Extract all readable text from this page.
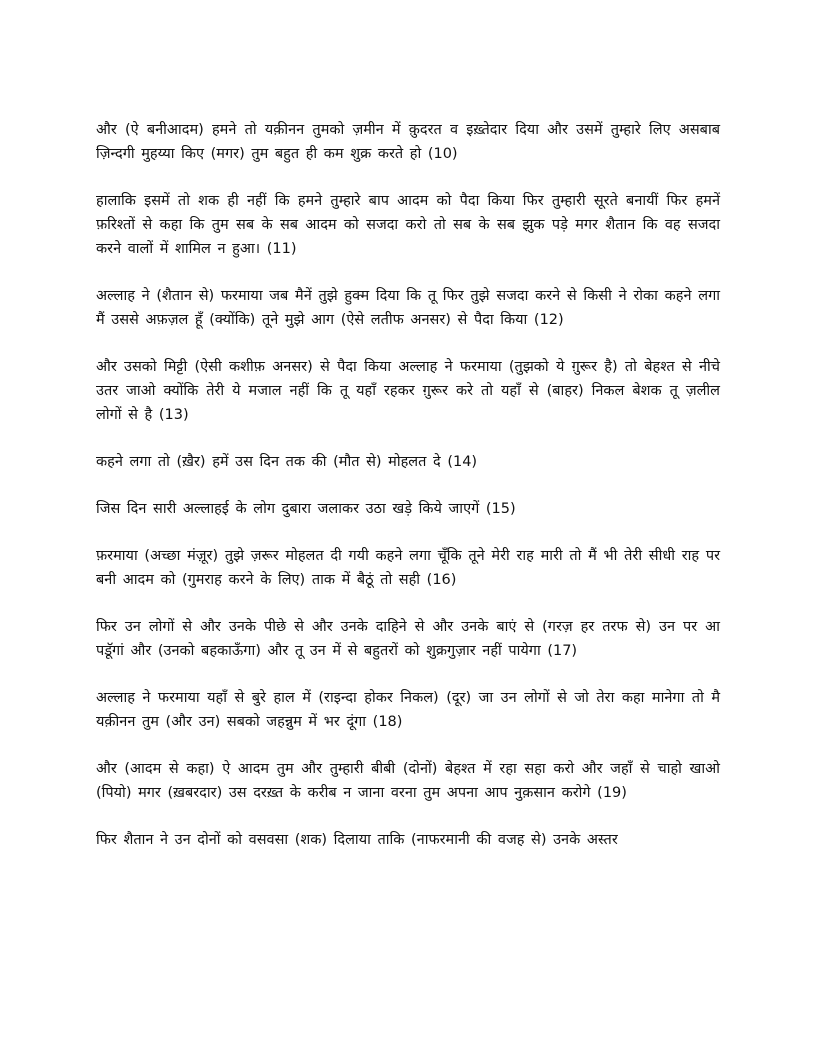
और (ऐ बनीआदम) हमने तो यक़ीनन तुमको ज़मीन में क़ुदरत व इख़्तेदार दिया और उसमें तुम्हारे लिए असबाब ज़िन्दगी मुहय्या किए (मगर) तुम बहुत ही कम शुक्र करते हो (10)

हालाकि इसमें तो शक ही नहीं कि हमने तुम्हारे बाप आदम को पैदा किया फिर तुम्हारी सूरते बनायीं फिर हमनें फ़रिश्तों से कहा कि तुम सब के सब आदम को सजदा करो तो सब के सब झुक पड़े मगर शैतान कि वह सजदा करने वालों में शामिल न हुआ। (11)

अल्लाह ने (शैतान से) फरमाया जब मैनें तुझे हुक्म दिया कि तू फिर तुझे सजदा करने से किसी ने रोका कहने लगा मैं उससे अफ़ज़ल हूँ (क्योंकि) तूने मुझे आग (ऐसे लतीफ अनसर) से पैदा किया (12)

और उसको मिट्टी (ऐसी कशीफ़ अनसर) से पैदा किया अल्लाह ने फरमाया (तुझको ये ग़ुरूर है) तो बेहश्त से नीचे उतर जाओ क्योंकि तेरी ये मजाल नहीं कि तू यहाँ रहकर ग़ुरूर करे तो यहाँ से (बाहर) निकल बेशक तू ज़लील लोगों से है (13)

कहने लगा तो (ख़ैर) हमें उस दिन तक की (मौत से) मोहलत दे (14)

जिस दिन सारी अल्लाहई के लोग दुबारा जलाकर उठा खड़े किये जाएगें (15)

फ़रमाया (अच्छा मंज़ूर) तुझे ज़रूर मोहलत दी गयी कहने लगा चूँकि तूने मेरी राह मारी तो मैं भी तेरी सीधी राह पर बनी आदम को (गुमराह करने के लिए) ताक में बैठूं तो सही (16)

फिर उन लोगों से और उनके पीछे से और उनके दाहिने से और उनके बाएं से (गरज़ हर तरफ से) उन पर आ पडॅूगां और (उनको बहकाऊँगा) और तू उन में से बहुतरों को शुक्रगुज़ार नहीं पायेगा (17)

अल्लाह ने फरमाया यहाँ से बुरे हाल में (राइन्दा होकर निकल) (दूर) जा उन लोगों से जो तेरा कहा मानेगा तो मै यक़ीनन तुम (और उन) सबको जहन्नुम में भर दूंगा (18)

और (आदम से कहा) ऐ आदम तुम और तुम्हारी बीबी (दोनों) बेहश्त में रहा सहा करो और जहाँ से चाहो खाओ (पियो) मगर (ख़बरदार) उस दरख़्त के करीब न जाना वरना तुम अपना आप नुक़सान करोगे (19)

फिर शैतान ने उन दोनों को वसवसा (शक) दिलाया ताकि (नाफरमानी की वजह से) उनके अस्तर
